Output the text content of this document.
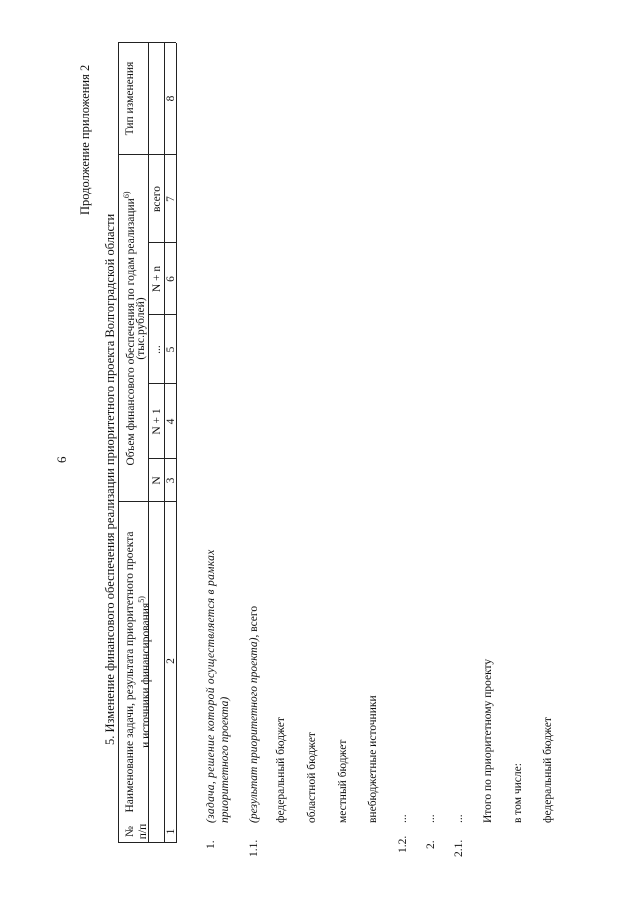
6
Продолжение приложения 2
5. Изменение финансового обеспечения реализации приоритетного проекта Волгоградской области
№ п/п
Наименование задачи, результата приоритетного проекта и источники финансирования$^{5)}$
Объем финансового обеспечения по годам реализации$^{6)}$
(тыс.рублей)
Тип изменения
N
N + 1
...
N + n
всего
1
2
3
4
5
6
7
8
1.
(задача, решение которой осуществляется в рамках приоритетного проекта)
1.1.
(результат приоритетного проекта), всего
федеральный бюджет областной бюджет местный бюджет внебюджетные источники
1.2.
...
2.
...
2.1.
... Итого по приоритетному проекту в том числе: федеральный бюджет
